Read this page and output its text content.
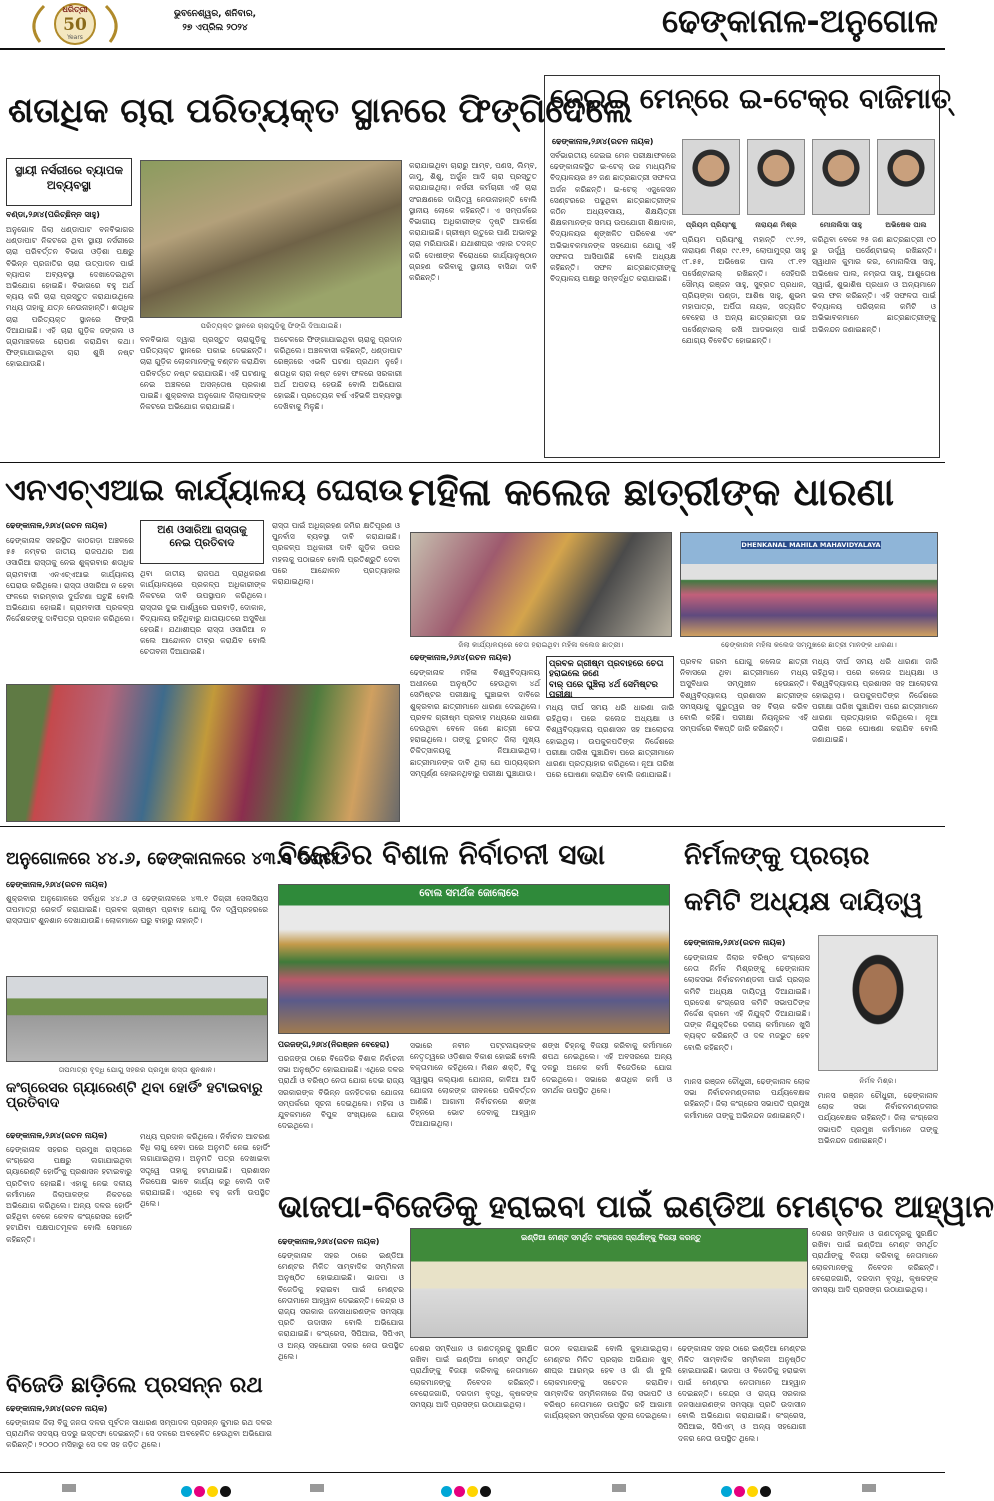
ଧରିତ୍ରୀ
50
Years
ଭୁବନେଶ୍ୱର, ଶନିବାର,
୨୭ ଏପ୍ରିଲ ୨୦୨୪	ଢେଙ୍କାନାଳ-ଅନୁଗୋଳ
ଶତାଧିକ ଚାରା ପରିତ୍ୟକ୍ତ ସ୍ଥାନରେ ଫିଙ୍ଗିଦେଲେ
ସ୍ଥାୟୀ ନର୍ସରୀରେ ବ୍ୟାପକ ଅବ୍ୟବସ୍ଥା
ବଣ୍ଡା,୨୬ା୪(ପରିଚ୍ଛିନ୍ନ ସାହୁ)
ଅନୁଗୋଳ ଜିଲା ଧଣ୍ଡାପାଟ ବନବିଭାଗର ଧଣ୍ଡାପାଟ ନିକଟରେ ଥିବା ସ୍ଥାୟୀ ନର୍ସରୀରେ ଚାରା ପରିବର୍ତ୍ତନ ବିଭାଗ ଓଡ଼ିଶା ପକ୍ଷରୁ ବିଭିନ୍ନ ପ୍ରଜାତିର ଚାରା ଉତ୍ପାଦନ ପାଇଁ ବ୍ୟାପକ ଅବ୍ୟବସ୍ଥା ଦେଖାଦେଇଥିବା ଅଭିଯୋଗ ହୋଇଛି। ବିଭାଗରେ ବହୁ ଅର୍ଥ ବ୍ୟୟ କରି ଚାରା ପ୍ରସ୍ତୁତ କରାଯାଉଥିଲେ ମଧ୍ୟ ତାହାକୁ ଯତ୍ନ ନେଉନାହାନ୍ତି। ଶତାଧିକ ଚାରା ପରିତ୍ୟକ୍ତ ସ୍ଥାନରେ ଫିଙ୍ଗି ଦିଆଯାଇଛି। ଏହି ଚାରା ଗୁଡ଼ିକ ଜଙ୍ଗଲ ଓ ଗ୍ରାମାଞ୍ଚଳରେ ରୋପଣ କରାଯିବା କଥା। ଫିଙ୍ଗାଯାଇଥିବା ଚାରା ଶୁଖି ନଷ୍ଟ ହୋଇଯାଉଛି।
ପରିତ୍ୟକ୍ତ ସ୍ଥାନରେ ଚାରାଗୁଡ଼ିକୁ ଫିଙ୍ଗି ଦିଆଯାଇଛି।
ବନବିଭାଗ ଦ୍ୱାରା ପ୍ରସ୍ତୁତ ଚାରାଗୁଡ଼ିକୁ ପରିତ୍ୟକ୍ତ ସ୍ଥାନରେ ପକାଇ ଦେଇଛନ୍ତି। ଚାରା ଗୁଡ଼ିକ ଲୋକମାନଙ୍କୁ ବଣ୍ଟନ କରାଯିବା ପରିବର୍ତ୍ତେ ନଷ୍ଟ କରାଯାଉଛି। ଏହି ଘଟଣାକୁ ନେଇ ଅଞ୍ଚଳରେ ଅସନ୍ତୋଷ ପ୍ରକାଶ ପାଇଛି। ଶୁକ୍ରବାର ଅନୁଗୋଳ ଜିଲାପାଳଙ୍କ ନିକଟରେ ଅଭିଯୋଗ କରାଯାଇଛି।
ଅଟେଳରେ ଫିଙ୍ଗାଯାଇଥିବା ଚାରାକୁ ପ୍ରଦାନ କରିଥିଲେ। ଅଞ୍ଚଳବାସୀ କହିଛନ୍ତି, ଧଣ୍ଡାପାଟ ରେଞ୍ଜରେ ଏଭଳି ଘଟଣା ପ୍ରଥମ ନୁହେଁ। ଶତାଧିକ ଚାରା ନଷ୍ଟ ହେବା ଫଳରେ ସରକାରୀ ଅର୍ଥ ଅପଚୟ ହେଉଛି ବୋଲି ଅଭିଯୋଗ ହୋଇଛି। ପ୍ରତ୍ୟେକ ବର୍ଷ ଏହିଭଳି ଅବ୍ୟବସ୍ଥା ଦେଖିବାକୁ ମିଳୁଛି।
କରାଯାଇଥିବା ଚାରାରୁ ଆମ୍ବ, ପଣସ, ଲିମ୍ବ, ଜାମୁ, ଶିଶୁ, ଅର୍ଜୁନ ଆଦି ଚାରା ପ୍ରସ୍ତୁତ କରାଯାଇଥିଲା। ନର୍ସରୀ କର୍ମଚାରୀ ଏହି ଚାରା ସଂରକ୍ଷଣରେ ଦାୟିତ୍ୱ ନେଉନାହାନ୍ତି ବୋଲି ସ୍ଥାନୀୟ ଲୋକେ କହିଛନ୍ତି। ଏ ସମ୍ପର୍କରେ ବିଭାଗୀୟ ଅଧିକାରୀଙ୍କ ଦୃଷ୍ଟି ଆକର୍ଷଣ କରାଯାଇଛି। ଗ୍ରୀଷ୍ମ ଋତୁରେ ପାଣି ଅଭାବରୁ ଚାରା ମରିଯାଉଛି। ଯଥାଶୀଘ୍ର ଏହାର ତଦନ୍ତ କରି ଦୋଷୀଙ୍କ ବିରୋଧରେ କାର୍ଯ୍ୟାନୁଷ୍ଠାନ ଗ୍ରହଣ କରିବାକୁ ସ୍ଥାନୀୟ ବାସିନ୍ଦା ଦାବି କରିଛନ୍ତି।
ଜେଇଇ ମେନ୍‌ରେ ଇ-ଟେକ୍‌ର ବାଜିମାତ୍
ଢେଙ୍କାନାଳ,୨୬ା୪(ରଚନ ନାୟକ)
ସର୍ବଭାରତୀୟ ଜେଇଇ ମେନ ପରୀକ୍ଷାଫଳରେ ଢେଙ୍କାନାଳସ୍ଥିତ ଇ-ଟେକ୍ ଉଚ୍ଚ ମାଧ୍ୟମିକ ବିଦ୍ୟାଳୟର ୫୨ ଜଣ ଛାତ୍ରଛାତ୍ରୀ ସଫଳତା ଅର୍ଜନ କରିଛନ୍ତି। ଇ-ଟେକ୍ ଏଜୁକେସନ ସେଣ୍ଟରରେ ପଢୁଥିବା ଛାତ୍ରଛାତ୍ରୀଙ୍କ କଠିନ ଅଧ୍ୟବସାୟ, ଶିକ୍ଷୟିତ୍ରୀ ଶିକ୍ଷକମାନଙ୍କ ସମୟ ଉପଯୋଗୀ ଶିକ୍ଷାଦାନ, ବିଦ୍ୟାଳୟର ଶୃଙ୍ଖଳିତ ପରିବେଶ ଏବଂ ଅଭିଭାବକମାନଙ୍କ ସହଯୋଗ ଯୋଗୁ ଏହି ସଫଳତା ଆସିପାରିଛି ବୋଲି ଅଧ୍ୟକ୍ଷ କହିଛନ୍ତି। ସଫଳ ଛାତ୍ରଛାତ୍ରୀଙ୍କୁ ବିଦ୍ୟାଳୟ ପକ୍ଷରୁ ସମ୍ବର୍ଦ୍ଧିତ କରାଯାଇଛି।
ପ୍ରିୟମ ପ୍ରିୟାଂଶୁ	ନାରାୟଣ ମିଶ୍ର	ମୋନାଲିସା ସାହୁ	ଅଭିଷେକ ପାଲ
ପ୍ରିୟମ ପ୍ରିୟାଂଶୁ ମହାନ୍ତି ୯୯.୨୨, ନାରାୟଣ ମିଶ୍ର ୯୯.୧୨, ଲୋପାମୁଦ୍ରା ସାହୁ ୯୮.୫୫, ଅଭିଷେକ ପାଲ ୯୮.୧୨ ପର୍ସେଣ୍ଟାଇଲ୍ ରଖିଛନ୍ତି। ସେହିପରି ସୌମ୍ୟ ରଞ୍ଜନ ସାହୁ, ସୁବ୍ରତ ପ୍ରଧାନ, ପ୍ରିୟଙ୍କା ପଣ୍ଡା, ଆଶିଷ ସାହୁ, ଶୁଭମ ମହାପାତ୍ର, ଅର୍ପିତା ନାୟକ, ସତ୍ୟଜିତ ବେହେରା ଓ ଅନ୍ୟ ଛାତ୍ରଛାତ୍ରୀ ଉଚ୍ଚ ପର୍ସେଣ୍ଟାଇଲ୍ ରଖି ଆଡଭାନ୍ସ ପାଇଁ ଯୋଗ୍ୟ ବିବେଚିତ ହୋଇଛନ୍ତି।
କରିଥିବା ବେଳେ ୨୫ ଜଣ ଛାତ୍ରଛାତ୍ରୀ ୯୦ ରୁ ଊର୍ଦ୍ଧ୍ୱ ପର୍ସେଣ୍ଟାଇଲ୍ ରଖିଛନ୍ତି। ସ୍ୱାଧୀନ କୁମାର କର, ମୋନାଲିସା ସାହୁ, ଅଭିଷେକ ପାଲ, ନମ୍ରତା ସାହୁ, ଆଶୁତୋଷ ସ୍ୱାଇଁ, ଶୁଭାଶିଷ ପ୍ରଧାନ ଓ ଅନ୍ୟମାନେ ଭଲ ଫଳ କରିଛନ୍ତି। ଏହି ସଫଳତା ପାଇଁ ବିଦ୍ୟାଳୟ ପରିଚାଳନା କମିଟି ଓ ଅଭିଭାବକମାନେ ଛାତ୍ରଛାତ୍ରୀଙ୍କୁ ଅଭିନନ୍ଦନ ଜଣାଇଛନ୍ତି।
ଏନଏଚ୍‌ଏଆଇ କାର୍ଯ୍ୟାଳୟ ଘେରାଉ
ଢେଙ୍କାନାଳ,୨୬ା୪(ରଚନ ନାୟକ)
ଢେଙ୍କାନାଳ ସହରସ୍ଥିତ କାଠଗଡ଼ା ଅଞ୍ଚଳରେ ୫୫ ନମ୍ବର ଜାତୀୟ ରାଜପଥର ଅଣ ଓସାରିଆ ରାସ୍ତାକୁ ନେଇ ଶୁକ୍ରବାର ଶତାଧିକ ଗ୍ରାମବାସୀ ଏନଏଚ୍‌ଏଆଇ କାର୍ଯ୍ୟାଳୟ ଘେରାଉ କରିଥିଲେ। ରାସ୍ତା ଓସାରିଆ ନ ହେବା ଫଳରେ ବାରମ୍ବାର ଦୁର୍ଘଟଣା ଘଟୁଛି ବୋଲି ଅଭିଯୋଗ ହୋଇଛି। ଗ୍ରାମବାସୀ ପ୍ରକଳ୍ପ ନିର୍ଦ୍ଦେଶକଙ୍କୁ ଦାବିପତ୍ର ପ୍ରଦାନ କରିଥିଲେ।
ଅଣ ଓସାରିଆ ରାସ୍ତାକୁ
ନେଇ ପ୍ରତିବାଦ
ଥିବା ଜାତୀୟ ରାଜପଥ ପ୍ରାଧିକରଣ କାର୍ଯ୍ୟାଳୟରେ ପ୍ରକଳ୍ପ ଅଧିକାରୀଙ୍କ ନିକଟରେ ଦାବି ଉପସ୍ଥାପନ କରିଥିଲେ। ରାସ୍ତାର ଦୁଇ ପାର୍ଶ୍ୱରେ ଘରବାଡ଼ି, ଦୋକାନ, ବିଦ୍ୟାଳୟ ରହିଥିବାରୁ ଯାତାୟାତରେ ଅସୁବିଧା ହେଉଛି। ଯଥାଶୀଘ୍ର ରାସ୍ତା ଓସାରିଆ ନ କଲେ ଆନ୍ଦୋଳନ ତୀବ୍ର କରାଯିବ ବୋଲି ଚେତାବନୀ ଦିଆଯାଇଛି।
ରାସ୍ତା ପାଇଁ ଅଧିଗ୍ରହଣ ଜମିର କ୍ଷତିପୂରଣ ଓ ପୁନର୍ବାସ ବ୍ୟବସ୍ଥା ଦାବି କରାଯାଇଛି। ପ୍ରକଳ୍ପ ଅଧିକାରୀ ଦାବି ଗୁଡ଼ିକ ଉପର ମହଲକୁ ପଠାଇବେ ବୋଲି ପ୍ରତିଶ୍ରୁତି ଦେବା ପରେ ଆନ୍ଦୋଳନ ପ୍ରତ୍ୟାହାର କରାଯାଇଥିଲା।
ମହିଳା କଲେଜ ଛାତ୍ରୀଙ୍କ ଧାରଣା
DHENKANAL MAHILA MAHAVIDYALAYA
ଜିଲା କାର୍ଯ୍ୟାଳୟରେ ଚେତା ହରାଇଥିବା ମହିଳା କଲେଜ ଛାତ୍ରୀ।	ଢେଙ୍କାନାଳ ମହିଳା କଲେଜ ସମ୍ମୁଖରେ ଛାତ୍ରୀ ମାନଙ୍କ ଧାରଣା।
ଢେଙ୍କାନାଳ,୨୬ା୪(ରଚନ ନାୟକ)
ପ୍ରବଳ ଗ୍ରୀଷ୍ମ ପ୍ରବାହରେ ଚେତା ହରାଇଲେ ଜଣେ
ବାର୍ ପରେ ଘୁଞ୍ଚିଲା ୪ର୍ଥ ସେମିଷ୍ଟର ପରୀକ୍ଷା
ଢେଙ୍କାନାଳ ମହିଳା ବିଶ୍ୱବିଦ୍ୟାଳୟ ଅଧୀନରେ ଅନୁଷ୍ଠିତ ହେଉଥିବା ୪ର୍ଥ ସେମିଷ୍ଟର ପରୀକ୍ଷାକୁ ଘୁଞ୍ଚାଇବା ଦାବିରେ ଶୁକ୍ରବାର ଛାତ୍ରୀମାନେ ଧାରଣା ଦେଇଥିଲେ। ପ୍ରବଳ ଗ୍ରୀଷ୍ମ ପ୍ରବାହ ମଧ୍ୟରେ ଧାରଣା ଦେଉଥିବା ବେଳେ ଜଣେ ଛାତ୍ରୀ ଚେତା ହରାଇଥିଲେ। ତାଙ୍କୁ ତୁରନ୍ତ ଜିଲା ମୁଖ୍ୟ ଚିକିତ୍ସାଳୟକୁ ନିଆଯାଇଥିଲା। ଛାତ୍ରୀମାନଙ୍କ ଦାବି ଥିଲା ଯେ ପାଠ୍ୟକ୍ରମ ସମ୍ପୂର୍ଣ୍ଣ ହୋଇନଥିବାରୁ ପରୀକ୍ଷା ଘୁଞ୍ଚାଯାଉ।
ମଧ୍ୟ ଦୀର୍ଘ ସମୟ ଧରି ଧାରଣା ଜାରି ରହିଥିଲା। ପରେ କଲେଜ ଅଧ୍ୟକ୍ଷା ଓ ବିଶ୍ୱବିଦ୍ୟାଳୟ ପ୍ରଶାସନ ସହ ଆଲୋଚନା ହୋଇଥିଲା। ଉପକୁଳପତିଙ୍କ ନିର୍ଦ୍ଦେଶରେ ପରୀକ୍ଷା ତାରିଖ ଘୁଞ୍ଚାଯିବା ପରେ ଛାତ୍ରୀମାନେ ଧାରଣା ପ୍ରତ୍ୟାହାର କରିଥିଲେ। ନୂଆ ତାରିଖ ପରେ ଘୋଷଣା କରାଯିବ ବୋଲି ଜଣାଯାଇଛି।
ପ୍ରବଳ ଗରମ ଯୋଗୁ କଲେଜ ଛାତ୍ରୀ ନିବାସରେ ଥିବା ଛାତ୍ରୀମାନେ ମଧ୍ୟ ଅସୁବିଧାର ସମ୍ମୁଖୀନ ହେଉଛନ୍ତି। ବିଶ୍ୱବିଦ୍ୟାଳୟ ପ୍ରଶାସନ ଛାତ୍ରୀଙ୍କ ସମସ୍ୟାକୁ ଗୁରୁତ୍ୱର ସହ ବିଚାର କରିବ ବୋଲି କହିଛି। ପରୀକ୍ଷା ନିୟନ୍ତ୍ରକ ଏହି ସମ୍ପର୍କରେ ବିଜ୍ଞପ୍ତି ଜାରି କରିଛନ୍ତି।
ମଧ୍ୟ ଦୀର୍ଘ ସମୟ ଧରି ଧାରଣା ଜାରି ରହିଥିଲା। ପରେ କଲେଜ ଅଧ୍ୟକ୍ଷା ଓ ବିଶ୍ୱବିଦ୍ୟାଳୟ ପ୍ରଶାସନ ସହ ଆଲୋଚନା ହୋଇଥିଲା। ଉପକୁଳପତିଙ୍କ ନିର୍ଦ୍ଦେଶରେ ପରୀକ୍ଷା ତାରିଖ ଘୁଞ୍ଚାଯିବା ପରେ ଛାତ୍ରୀମାନେ ଧାରଣା ପ୍ରତ୍ୟାହାର କରିଥିଲେ। ନୂଆ ତାରିଖ ପରେ ଘୋଷଣା କରାଯିବ ବୋଲି ଜଣାଯାଇଛି।
ଅନୁଗୋଳରେ ୪୪.୬, ଢେଙ୍କାନାଳରେ ୪୩.୧ ଡିଗ୍ରୀ
ଢେଙ୍କାନାଳ,୨୬ା୪(ରଚନ ନାୟକ)
ଶୁକ୍ରବାର ଅନୁଗୋଳରେ ସର୍ବାଧିକ ୪୪.୬ ଓ ଢେଙ୍କାନାଳରେ ୪୩.୧ ଡିଗ୍ରୀ ସେଲସିୟସ ତାପମାତ୍ରା ରେକର୍ଡ କରାଯାଇଛି। ପ୍ରବଳ ଗ୍ରୀଷ୍ମ ପ୍ରବାହ ଯୋଗୁ ଦିନ ଦ୍ୱିପ୍ରହରରେ ରାସ୍ତାଘାଟ ଶୁନଶାନ ଦେଖାଯାଉଛି। ଲୋକମାନେ ଘରୁ ବାହାରୁ ନାହାନ୍ତି।
ତାପମାତ୍ରା ବୃଦ୍ଧି ଯୋଗୁ ସହରର ପ୍ରମୁଖ ରାସ୍ତା ଶୁନଶାନ।
ବିଜେଡିର ବିଶାଳ ନିର୍ବାଚନୀ ସଭା
ବୋଲ ସମର୍ଥକ ଜୋଲୋରେ
ପରଜଙ୍ଗ,୨୬ା୪(ନିରଞ୍ଜନ ବେହେରା)
ପରଜଙ୍ଗ ଠାରେ ବିଜେଡିର ବିଶାଳ ନିର୍ବାଚନୀ ସଭା ଅନୁଷ୍ଠିତ ହୋଇଯାଇଛି। ଏଥିରେ ଦଳର ପ୍ରାର୍ଥୀ ଓ ବରିଷ୍ଠ ନେତା ଯୋଗ ଦେଇ ରାଜ୍ୟ ସରକାରଙ୍କ ବିଭିନ୍ନ ଜନହିତକର ଯୋଜନା ସମ୍ପର୍କରେ ସୂଚନା ଦେଇଥିଲେ। ମହିଳା ଓ ଯୁବକମାନେ ବିପୁଳ ସଂଖ୍ୟାରେ ଯୋଗ ଦେଇଥିଲେ।
ସଭାରେ ନବୀନ ପଟ୍ଟନାୟକଙ୍କ ନେତୃତ୍ୱରେ ଓଡ଼ିଶାର ବିକାଶ ହୋଇଛି ବୋଲି ବକ୍ତାମାନେ କହିଥିଲେ। ମିଶନ ଶକ୍ତି, ବିଜୁ ସ୍ୱାସ୍ଥ୍ୟ କଲ୍ୟାଣ ଯୋଜନା, କାଳିଆ ଆଦି ଯୋଜନା ଲୋକଙ୍କ ଜୀବନରେ ପରିବର୍ତ୍ତନ ଆଣିଛି। ଆଗାମୀ ନିର୍ବାଚନରେ ଶଙ୍ଖ ଚିହ୍ନରେ ଭୋଟ ଦେବାକୁ ଆହ୍ୱାନ ଦିଆଯାଇଥିଲା।
ଶଙ୍ଖ ଚିହ୍ନକୁ ବିଜୟୀ କରିବାକୁ କର୍ମୀମାନେ ଶପଥ ନେଇଥିଲେ। ଏହି ଅବସରରେ ଅନ୍ୟ ଦଳରୁ ଅନେକ କର୍ମୀ ବିଜେଡିରେ ଯୋଗ ଦେଇଥିଲେ। ସଭାରେ ଶତାଧିକ କର୍ମୀ ଓ ସମର୍ଥକ ଉପସ୍ଥିତ ଥିଲେ।
ନିର୍ମଳଙ୍କୁ ପ୍ରଚାର
କମିଟି ଅଧ୍ୟକ୍ଷ ଦାୟିତ୍ୱ
ଢେଙ୍କାନାଳ,୨୬ା୪(ରଚନ ନାୟକ)
ଢେଙ୍କାନାଳ ଜିଲାର ବରିଷ୍ଠ କଂଗ୍ରେସ ନେତା ନିର୍ମଳ ମିଶ୍ରଙ୍କୁ ଢେଙ୍କାନାଳ ଲୋକସଭା ନିର୍ବାଚନମଣ୍ଡଳୀ ପାଇଁ ପ୍ରଚାର କମିଟି ଅଧ୍ୟକ୍ଷ ଦାୟିତ୍ୱ ଦିଆଯାଇଛି। ପ୍ରଦେଶ କଂଗ୍ରେସ କମିଟି ସଭାପତିଙ୍କ ନିର୍ଦ୍ଦେଶ କ୍ରମେ ଏହି ନିଯୁକ୍ତି ଦିଆଯାଇଛି। ତାଙ୍କ ନିଯୁକ୍ତିରେ ଦଳୀୟ କର୍ମୀମାନେ ଖୁସି ବ୍ୟକ୍ତ କରିଛନ୍ତି ଓ ଦଳ ମଜଭୁତ ହେବ ବୋଲି କହିଛନ୍ତି।
ନିର୍ମଳ ମିଶ୍ର।
ମାନସ ରଞ୍ଜନ ଚୌଧୁରୀ, ଢେଙ୍କାନାଳ ଲୋକ ସଭା ନିର୍ବାଚନମଣ୍ଡଳୀର ପର୍ଯ୍ୟବେକ୍ଷକ ରହିଛନ୍ତି। ଜିଲା କଂଗ୍ରେସ ସଭାପତି ପ୍ରମୁଖ କର୍ମୀମାନେ ତାଙ୍କୁ ଅଭିନନ୍ଦନ ଜଣାଇଛନ୍ତି।
ମାନସ ରଞ୍ଜନ ଚୌଧୁରୀ, ଢେଙ୍କାନାଳ ଲୋକ ସଭା ନିର୍ବାଚନମଣ୍ଡଳୀର ପର୍ଯ୍ୟବେକ୍ଷକ ରହିଛନ୍ତି। ଜିଲା କଂଗ୍ରେସ ସଭାପତି ପ୍ରମୁଖ କର୍ମୀମାନେ ତାଙ୍କୁ ଅଭିନନ୍ଦନ ଜଣାଇଛନ୍ତି।
କଂଗ୍ରେସର ଗ୍ୟାରେଣ୍ଟି ଥିବା ହୋର୍ଡିଂ ହଟାଇବାରୁ ପ୍ରତିବାଦ
ଢେଙ୍କାନାଳ,୨୬ା୪(ରଚନ ନାୟକ)
ଢେଙ୍କାନାଳ ସହରର ପ୍ରମୁଖ ରାସ୍ତାରେ କଂଗ୍ରେସ ପକ୍ଷରୁ ଲଗାଯାଇଥିବା ଗ୍ୟାରେଣ୍ଟି ହୋର୍ଡିଂକୁ ପ୍ରଶାସନ ହଟାଇବାରୁ ପ୍ରତିବାଦ ହୋଇଛି। ଏହାକୁ ନେଇ ଦଳୀୟ କର୍ମୀମାନେ ଜିଲାପାଳଙ୍କ ନିକଟରେ ଅଭିଯୋଗ କରିଥିଲେ। ଅନ୍ୟ ଦଳର ହୋର୍ଡିଂ ରହିଥିବା ବେଳେ କେବଳ କଂଗ୍ରେସର ହୋର୍ଡିଂ ହଟାଯିବା ପକ୍ଷପାତମୂଳକ ବୋଲି ସେମାନେ କହିଛନ୍ତି।
ମଧ୍ୟ ପ୍ରଦାନ କରିଥିଲେ। ନିର୍ବାଚନ ଆଚରଣ ବିଧି ଲାଗୁ ହେବା ପରେ ଅନୁମତି ନେଇ ହୋର୍ଡିଂ ଲଗାଯାଇଥିଲା। ଅନୁମତି ପତ୍ର ଦେଖାଇବା ସତ୍ତ୍ୱେ ତାହାକୁ ହଟାଯାଇଛି। ପ୍ରଶାସନ ନିରପେକ୍ଷ ଭାବେ କାର୍ଯ୍ୟ କରୁ ବୋଲି ଦାବି କରାଯାଇଛି। ଏଥିରେ ବହୁ କର୍ମୀ ଉପସ୍ଥିତ ଥିଲେ।	ଭାଜପା-ବିଜେଡିକୁ ହରାଇବା ପାଇଁ ଇଣ୍ଡିଆ ମେଣ୍ଟର ଆହ୍ୱାନ
ଢେଙ୍କାନାଳ,୨୬ା୪(ରଚନ ନାୟକ)
ଢେଙ୍କାନାଳ ସହର ଠାରେ ଇଣ୍ଡିଆ ମେଣ୍ଟର ମିଳିତ ସାମ୍ବାଦିକ ସମ୍ମିଳନୀ ଅନୁଷ୍ଠିତ ହୋଇଯାଇଛି। ଭାଜପା ଓ ବିଜେଡିକୁ ହରାଇବା ପାଇଁ ମେଣ୍ଟର ନେତାମାନେ ଆହ୍ୱାନ ଦେଇଛନ୍ତି। କେନ୍ଦ୍ର ଓ ରାଜ୍ୟ ସରକାର ଜନସାଧାରଣଙ୍କ ସମସ୍ୟା ପ୍ରତି ଉଦାସୀନ ବୋଲି ଅଭିଯୋଗ କରାଯାଇଛି। କଂଗ୍ରେସ, ସିପିଆଇ, ସିପିଏମ୍ ଓ ଅନ୍ୟ ସହଯୋଗୀ ଦଳର ନେତା ଉପସ୍ଥିତ ଥିଲେ।
ଇଣ୍ଡିଆ ମେଣ୍ଟ ସମର୍ଥିତ କଂଗ୍ରେସ ପ୍ରାର୍ଥୀଙ୍କୁ ବିଜୟୀ କରନ୍ତୁ
ଦେଶର ସମ୍ବିଧାନ ଓ ଗଣତନ୍ତ୍ରକୁ ସୁରକ୍ଷିତ ରଖିବା ପାଇଁ ଇଣ୍ଡିଆ ମେଣ୍ଟ ସମର୍ଥିତ ପ୍ରାର୍ଥୀଙ୍କୁ ବିଜୟୀ କରିବାକୁ ନେତାମାନେ ଲୋକମାନଙ୍କୁ ନିବେଦନ କରିଛନ୍ତି। ବେରୋଜଗାରି, ଦରଦାମ ବୃଦ୍ଧି, କୃଷକଙ୍କ ସମସ୍ୟା ଆଦି ପ୍ରସଙ୍ଗ ଉଠାଯାଇଥିଲା।
ଗଠନ କରାଯାଇଛି ବୋଲି କୁହାଯାଇଥିଲା। ମେଣ୍ଟର ମିଳିତ ପ୍ରଚାର ଅଭିଯାନ ଖୁବ୍ ଶୀଘ୍ର ଆରମ୍ଭ ହେବ ଓ ଗାଁ ଗାଁ ବୁଲି ଲୋକମାନଙ୍କୁ ସଚେତନ କରାଯିବ। ସାମ୍ବାଦିକ ସମ୍ମିଳନୀରେ ଜିଲା ସଭାପତି ଓ ବରିଷ୍ଠ ନେତାମାନେ ଉପସ୍ଥିତ ରହି ଆଗାମୀ କାର୍ଯ୍ୟକ୍ରମ ସମ୍ପର୍କରେ ସୂଚନା ଦେଇଥିଲେ।
ଢେଙ୍କାନାଳ ସହର ଠାରେ ଇଣ୍ଡିଆ ମେଣ୍ଟର ମିଳିତ ସାମ୍ବାଦିକ ସମ୍ମିଳନୀ ଅନୁଷ୍ଠିତ ହୋଇଯାଇଛି। ଭାଜପା ଓ ବିଜେଡିକୁ ହରାଇବା ପାଇଁ ମେଣ୍ଟର ନେତାମାନେ ଆହ୍ୱାନ ଦେଇଛନ୍ତି। କେନ୍ଦ୍ର ଓ ରାଜ୍ୟ ସରକାର ଜନସାଧାରଣଙ୍କ ସମସ୍ୟା ପ୍ରତି ଉଦାସୀନ ବୋଲି ଅଭିଯୋଗ କରାଯାଇଛି। କଂଗ୍ରେସ, ସିପିଆଇ, ସିପିଏମ୍ ଓ ଅନ୍ୟ ସହଯୋଗୀ ଦଳର ନେତା ଉପସ୍ଥିତ ଥିଲେ।
ଦେଶର ସମ୍ବିଧାନ ଓ ଗଣତନ୍ତ୍ରକୁ ସୁରକ୍ଷିତ ରଖିବା ପାଇଁ ଇଣ୍ଡିଆ ମେଣ୍ଟ ସମର୍ଥିତ ପ୍ରାର୍ଥୀଙ୍କୁ ବିଜୟୀ କରିବାକୁ ନେତାମାନେ ଲୋକମାନଙ୍କୁ ନିବେଦନ କରିଛନ୍ତି। ବେରୋଜଗାରି, ଦରଦାମ ବୃଦ୍ଧି, କୃଷକଙ୍କ ସମସ୍ୟା ଆଦି ପ୍ରସଙ୍ଗ ଉଠାଯାଇଥିଲା।
ବିଜେଡି ଛାଡ଼ିଲେ ପ୍ରସନ୍ନ ରଥ
ଢେଙ୍କାନାଳ,୨୬ା୪(ରଚନ ନାୟକ)
ଢେଙ୍କାନାଳ ଜିଲା ବିଜୁ ଜନତା ଦଳର ପୂର୍ବତନ ସାଧାରଣ ସମ୍ପାଦକ ପ୍ରସନ୍ନ କୁମାର ରଥ ଦଳର ପ୍ରାଥମିକ ସଦସ୍ୟ ପଦରୁ ଇସ୍ତଫା ଦେଇଛନ୍ତି। ସେ ଦଳରେ ଅବହେଳିତ ହେଉଥିବା ଅଭିଯୋଗ କରିଛନ୍ତି। ୨୦୦୦ ମସିହାରୁ ସେ ଦଳ ସହ ଜଡ଼ିତ ଥିଲେ।
